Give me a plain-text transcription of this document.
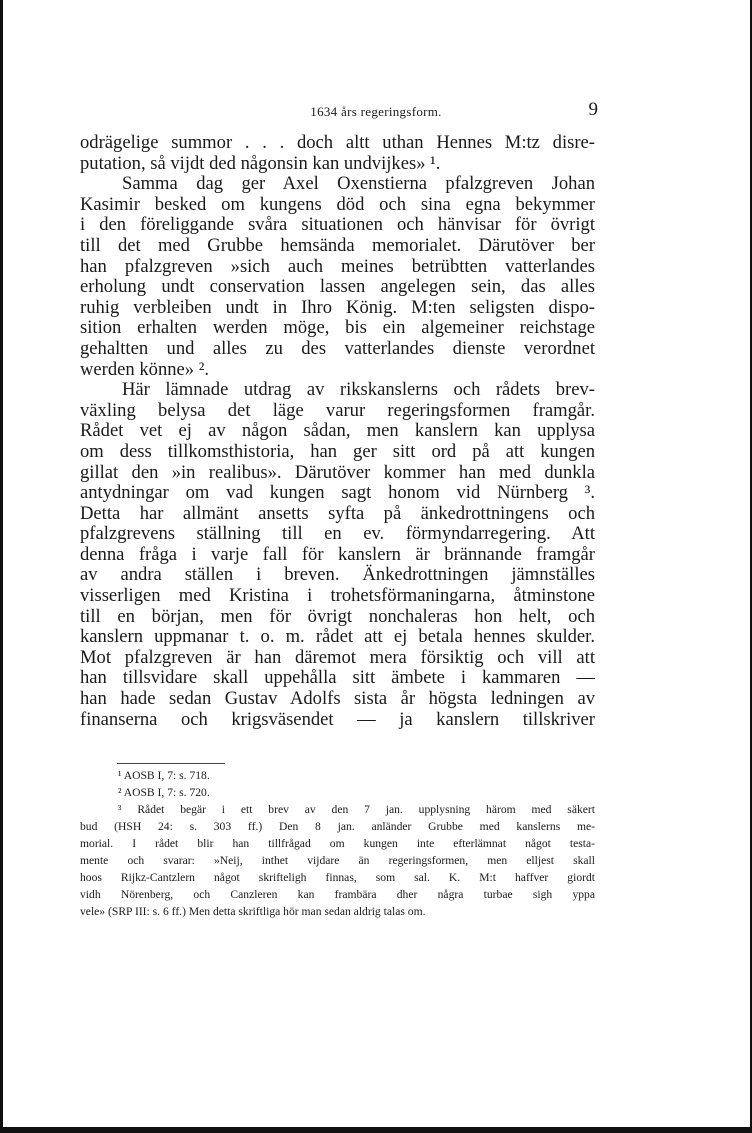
1634 års regeringsform.	9
odrägelige summor . . . doch altt uthan Hennes M:tz disre-
putation, så vijdt ded någonsin kan undvijkes» ¹.
Samma dag ger Axel Oxenstierna pfalzgreven Johan
Kasimir besked om kungens död och sina egna bekymmer
i den föreliggande svåra situationen och hänvisar för övrigt
till det med Grubbe hemsända memorialet. Därutöver ber
han pfalzgreven »sich auch meines betrübtten vatterlandes
erholung undt conservation lassen angelegen sein, das alles
ruhig verbleiben undt in Ihro König. M:ten seligsten dispo-
sition erhalten werden möge, bis ein algemeiner reichstage
gehaltten und alles zu des vatterlandes dienste verordnet
werden könne» ².
Här lämnade utdrag av rikskanslerns och rådets brev-
växling belysa det läge varur regeringsformen framgår.
Rådet vet ej av någon sådan, men kanslern kan upplysa
om dess tillkomsthistoria, han ger sitt ord på att kungen
gillat den »in realibus». Därutöver kommer han med dunkla
antydningar om vad kungen sagt honom vid Nürnberg ³.
Detta har allmänt ansetts syfta på änkedrottningens och
pfalzgrevens ställning till en ev. förmyndarregering. Att
denna fråga i varje fall för kanslern är brännande framgår
av andra ställen i breven. Änkedrottningen jämnställes
visserligen med Kristina i trohetsförmaningarna, åtminstone
till en början, men för övrigt nonchaleras hon helt, och
kanslern uppmanar t. o. m. rådet att ej betala hennes skulder.
Mot pfalzgreven är han däremot mera försiktig och vill att
han tillsvidare skall uppehålla sitt ämbete i kammaren —
han hade sedan Gustav Adolfs sista år högsta ledningen av
finanserna och krigsväsendet — ja kanslern tillskriver
¹ AOSB I, 7: s. 718.
² AOSB I, 7: s. 720.
³ Rådet begär i ett brev av den 7 jan. upplysning härom med säkert
bud (HSH 24: s. 303 ff.) Den 8 jan. anländer Grubbe med kanslerns me-
morial. I rådet blir han tillfrågad om kungen inte efterlämnat något testa-
mente och svarar: »Neij, inthet vijdare än regeringsformen, men elljest skall
hoos Rijkz-Cantzlern något skrifteligh finnas, som sal. K. M:t haffver giordt
vidh Nörenberg, och Canzleren kan frambära dher några turbae sigh yppa
vele» (SRP III: s. 6 ff.) Men detta skriftliga hör man sedan aldrig talas om.
